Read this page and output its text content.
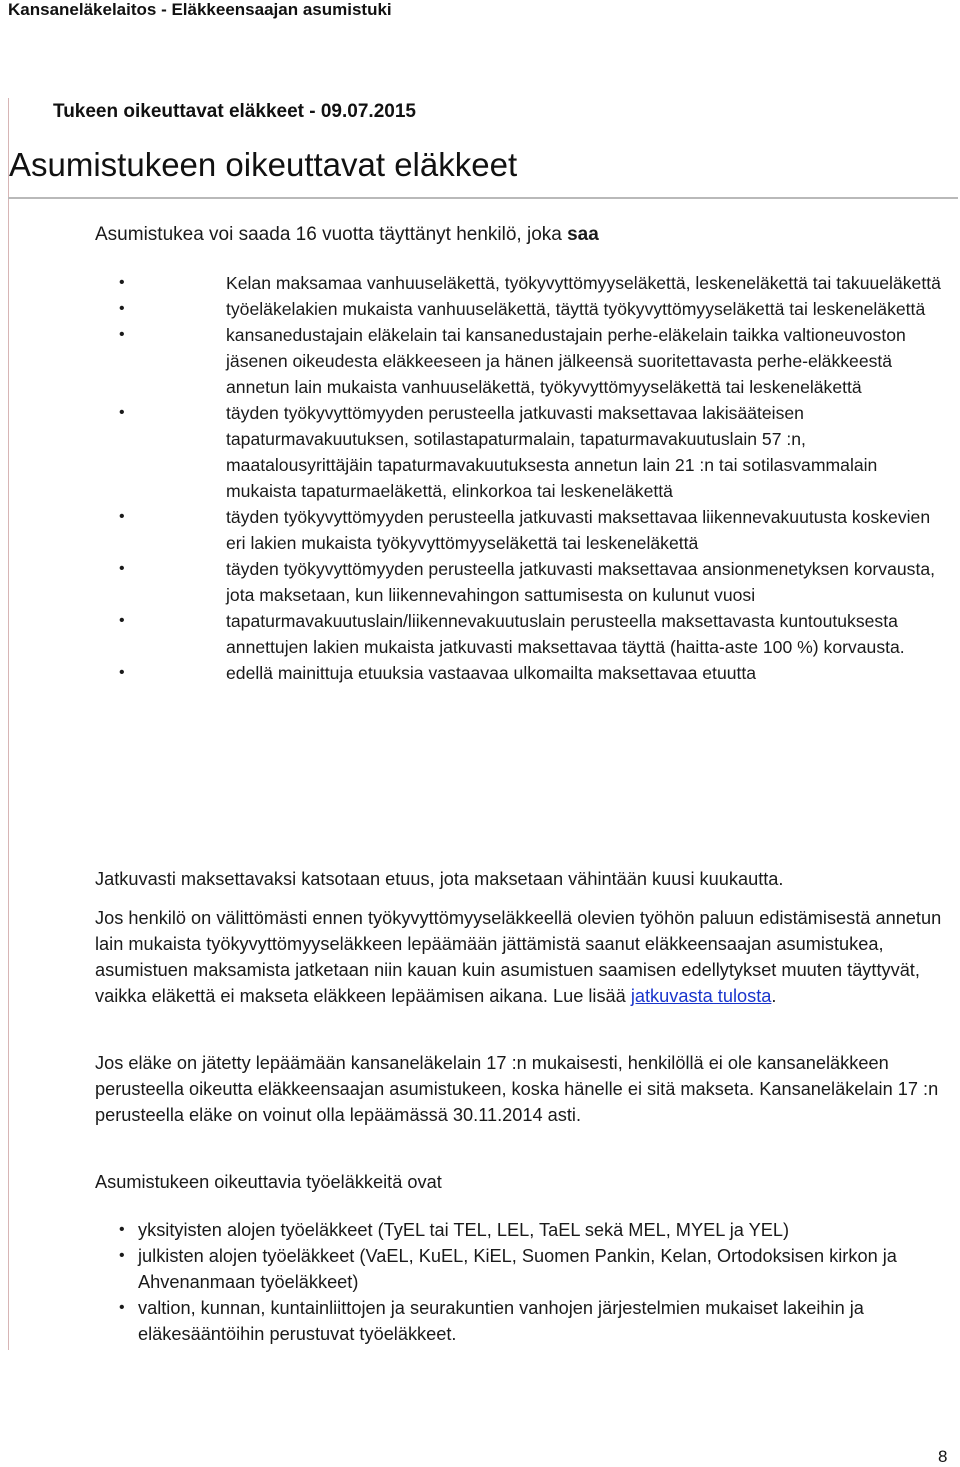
Kansaneläkelaitos - Eläkkeensaajan asumistuki
Tukeen oikeuttavat eläkkeet - 09.07.2015
Asumistukeen oikeuttavat eläkkeet
Asumistukea voi saada 16 vuotta täyttänyt henkilö, joka saa
•	Kelan maksamaa vanhuuseläkettä, työkyvyttömyyseläkettä, leskeneläkettä tai takuueläkettä
•	työeläkelakien mukaista vanhuuseläkettä, täyttä työkyvyttömyyseläkettä tai leskeneläkettä
•	kansanedustajain eläkelain tai kansanedustajain perhe-eläkelain taikka valtioneuvoston jäsenen oikeudesta eläkkeeseen ja hänen jälkeensä suoritettavasta perhe-eläkkeestä annetun lain mukaista vanhuuseläkettä, työkyvyttömyyseläkettä tai leskeneläkettä
•	täyden työkyvyttömyyden perusteella jatkuvasti maksettavaa lakisääteisen tapaturmavakuutuksen, sotilastapaturmalain, tapaturmavakuutuslain 57 :n, maatalousyrittäjäin tapaturmavakuutuksesta annetun lain 21 :n tai sotilasvammalain mukaista tapaturmaeläkettä, elinkorkoa tai leskeneläkettä
•	täyden työkyvyttömyyden perusteella jatkuvasti maksettavaa liikennevakuutusta koskevien eri lakien mukaista työkyvyttömyyseläkettä tai leskeneläkettä
•	täyden työkyvyttömyyden perusteella jatkuvasti maksettavaa ansionmenetyksen korvausta, jota maksetaan, kun liikennevahingon sattumisesta on kulunut vuosi
•	tapaturmavakuutuslain/liikennevakuutuslain perusteella maksettavasta kuntoutuksesta annettujen lakien mukaista jatkuvasti maksettavaa täyttä (haitta-aste 100 %) korvausta.
•	edellä mainittuja etuuksia vastaavaa ulkomailta maksettavaa etuutta

Jatkuvasti maksettavaksi katsotaan etuus, jota maksetaan vähintään kuusi kuukautta.

Jos henkilö on välittömästi ennen työkyvyttömyyseläkkeellä olevien työhön paluun edistämisestä annetun lain mukaista työkyvyttömyyseläkkeen lepäämään jättämistä saanut eläkkeensaajan asumistukea, asumistuen maksamista jatketaan niin kauan kuin asumistuen saamisen edellytykset muuten täyttyvät, vaikka eläkettä ei makseta eläkkeen lepäämisen aikana. Lue lisää jatkuvasta tulosta.

Jos eläke on jätetty lepäämään kansaneläkelain 17 :n mukaisesti, henkilöllä ei ole kansaneläkkeen perusteella oikeutta eläkkeensaajan asumistukeen, koska hänelle ei sitä makseta. Kansaneläkelain 17 :n perusteella eläke on voinut olla lepäämässä 30.11.2014 asti.

Asumistukeen oikeuttavia työeläkkeitä ovat

• yksityisten alojen työeläkkeet (TyEL tai TEL, LEL, TaEL sekä MEL, MYEL ja YEL)
• julkisten alojen työeläkkeet (VaEL, KuEL, KiEL, Suomen Pankin, Kelan, Ortodoksisen kirkon ja Ahvenanmaan työeläkkeet)
• valtion, kunnan, kuntainliittojen ja seurakuntien vanhojen järjestelmien mukaiset lakeihin ja eläkesääntöihin perustuvat työeläkkeet.
8
